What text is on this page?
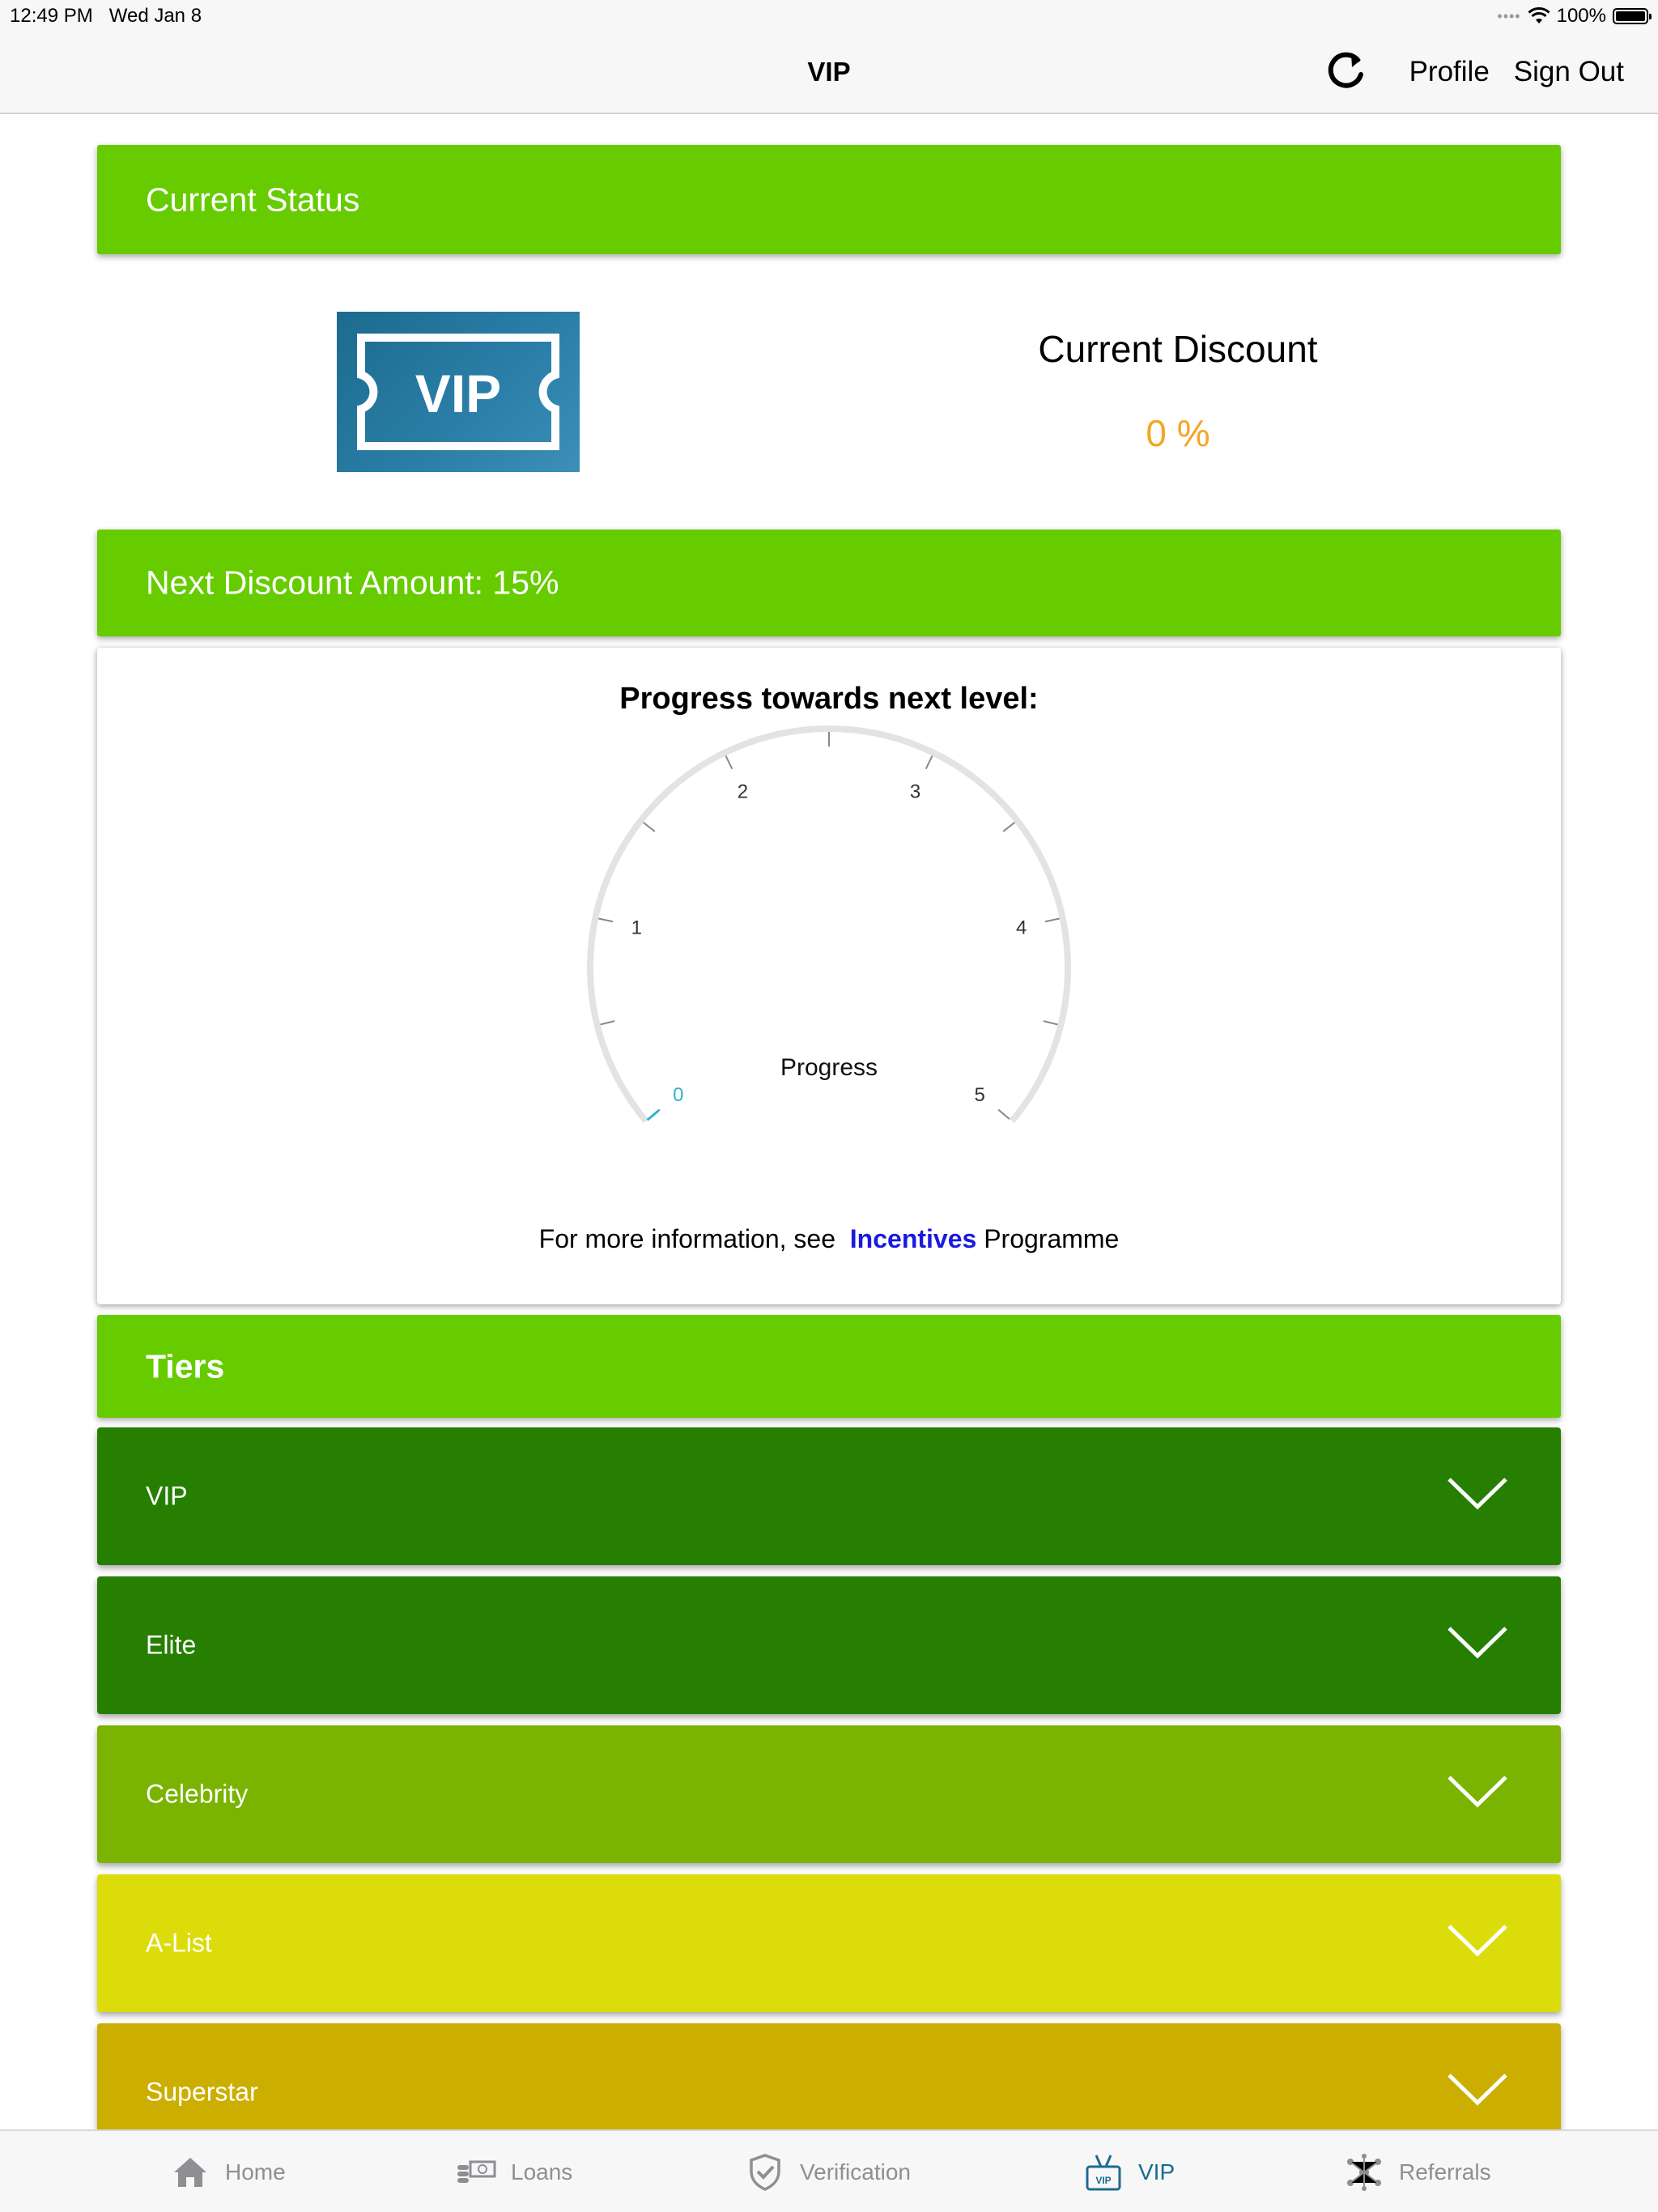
12:49 PM Wed Jan 8	•••• 100%
VIP	Profile Sign Out
Current Status
VIP
Current Discount
0 %
Next Discount Amount: 15%
Progress towards next level:
0
1
2	3
4
5
Progress
For more information, see Incentives Programme
Tiers
VIP
Elite
Celebrity
A-List
Superstar
Home	Loans	Verification	VIP VIP	Referrals
